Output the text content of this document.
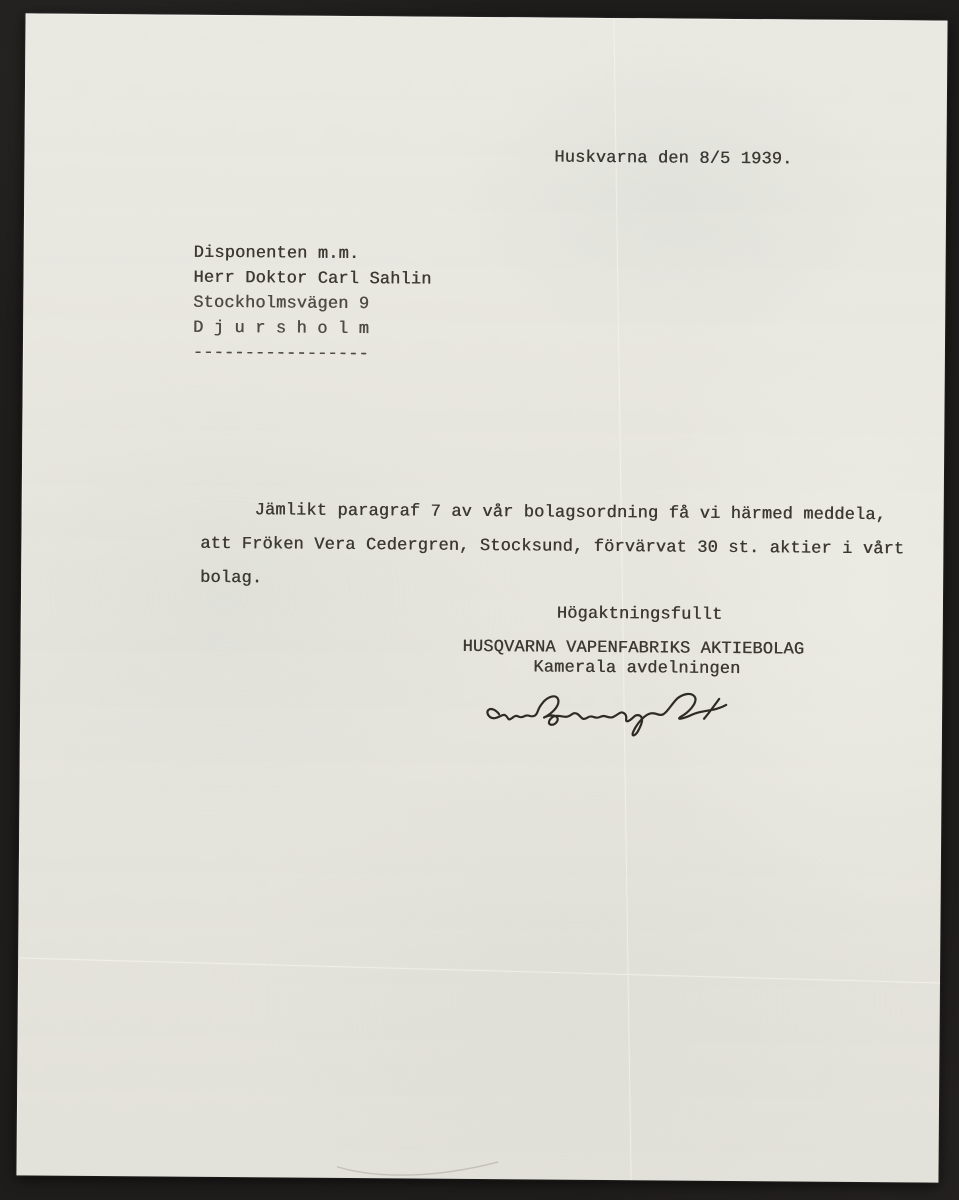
Huskvarna den 8/5 1939.
Disponenten m.m.
Herr Doktor Carl Sahlin
Stockholmsvägen 9
D j u r s h o l m
-----------------
Jämlikt paragraf 7 av vår bolagsordning få vi härmed meddela,
att Fröken Vera Cedergren, Stocksund, förvärvat 30 st. aktier i vårt
bolag.
Högaktningsfullt
HUSQVARNA VAPENFABRIKS AKTIEBOLAG
Kamerala avdelningen
